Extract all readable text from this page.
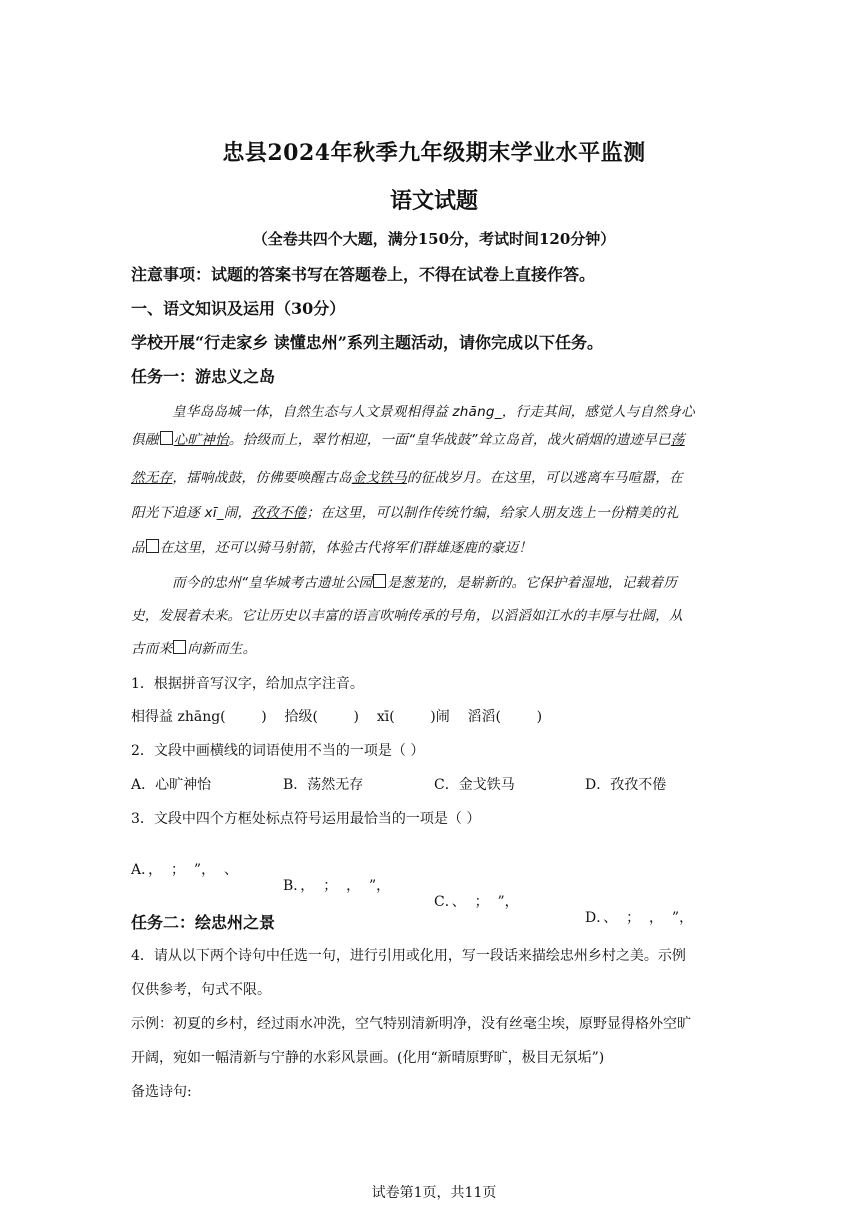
忠县2024年秋季九年级期末学业水平监测
语文试题
（全卷共四个大题，满分150分，考试时间120分钟）
注意事项：试题的答案书写在答题卷上，不得在试卷上直接作答。
一、语文知识及运用（30分）
学校开展“行走家乡 读懂忠州”系列主题活动，请你完成以下任务。
任务一：游忠义之岛
皇华岛岛城一体，自然生态与人文景观相得益 zhāng_，行走其间，感觉人与自然身心
俱融 心旷神怡。拾级而上，翠竹相迎，一面“皇华战鼓”耸立岛首，战火硝烟的遗迹早已荡
然无存，擂响战鼓，仿佛要唤醒古岛金戈铁马的征战岁月。在这里，可以逃离车马喧嚣，在
阳光下追逐 xī_闹，孜孜不倦；在这里，可以制作传统竹编，给家人朋友选上一份精美的礼
品 在这里，还可以骑马射箭，体验古代将军们群雄逐鹿的豪迈！
而今的忠州“皇华城考古遗址公园 是葱茏的，是崭新的。它保护着湿地，记载着历
史，发展着未来。它让历史以丰富的语言吹响传承的号角，以滔滔如江水的丰厚与壮阔，从
古而来 向新而生。
1．根据拼音写汉字，给加点字注音。
相得益 zhāng(        )    拾级(        )    xī(        )闹    滔滔(        )
2．文段中画横线的词语使用不当的一项是（ ）
A．心旷神怡	B．荡然无存	C．金戈铁马	D．孜孜不倦
3．文段中四个方框处标点符号运用最恰当的一项是（ ）

A．，  ；  ”，  、

B．，  ；  ，  ”，

C．、  ；  ”，

D．、  ；  ，  ”，

任务二：绘忠州之景
4．请从以下两个诗句中任选一句，进行引用或化用，写一段话来描绘忠州乡村之美。示例
仅供参考，句式不限。
示例：初夏的乡村，经过雨水冲洗，空气特别清新明净，没有丝毫尘埃，原野显得格外空旷
开阔，宛如一幅清新与宁静的水彩风景画。(化用“新晴原野旷，极目无氛垢”)
备选诗句:
试卷第1页，共11页
